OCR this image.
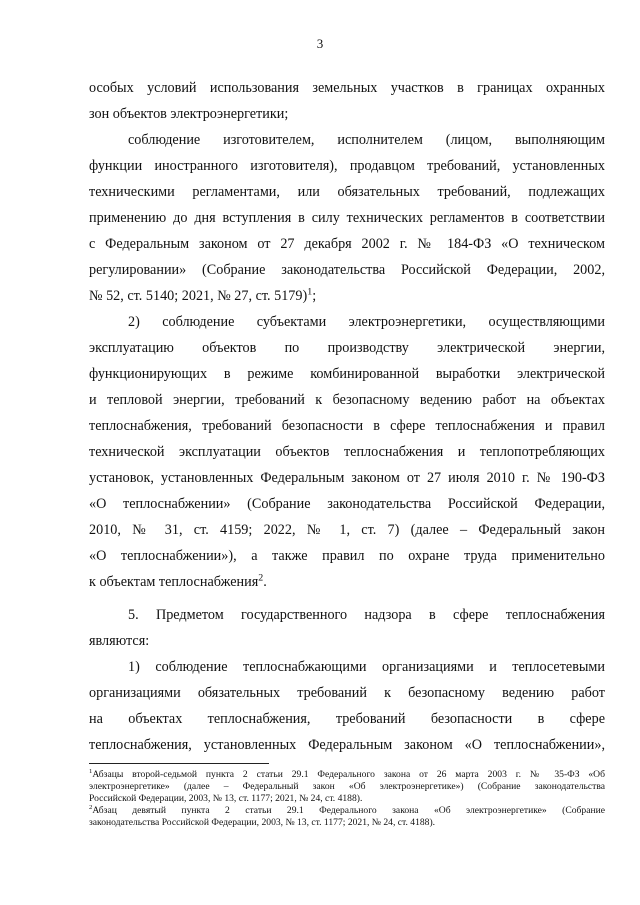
3
особых условий использования земельных участков в границах охранных
зон объектов электроэнергетики;
соблюдение изготовителем, исполнителем (лицом, выполняющим
функции иностранного изготовителя), продавцом требований, установленных
техническими регламентами, или обязательных требований, подлежащих
применению до дня вступления в силу технических регламентов в соответствии
с Федеральным законом от 27 декабря 2002 г. № 184-ФЗ «О техническом
регулировании» (Собрание законодательства Российской Федерации, 2002,
№ 52, ст. 5140; 2021, № 27, ст. 5179)$^1$;
2) соблюдение субъектами электроэнергетики, осуществляющими
эксплуатацию объектов по производству электрической энергии,
функционирующих в режиме комбинированной выработки электрической
и тепловой энергии, требований к безопасному ведению работ на объектах
теплоснабжения, требований безопасности в сфере теплоснабжения и правил
технической эксплуатации объектов теплоснабжения и теплопотребляющих
установок, установленных Федеральным законом от 27 июля 2010 г. № 190-ФЗ
«О теплоснабжении» (Собрание законодательства Российской Федерации,
2010, № 31, ст. 4159; 2022, № 1, ст. 7) (далее – Федеральный закон
«О теплоснабжении»), а также правил по охране труда применительно
к объектам теплоснабжения$^2$.
5. Предметом государственного надзора в сфере теплоснабжения
являются:
1) соблюдение теплоснабжающими организациями и теплосетевыми
организациями обязательных требований к безопасному ведению работ
на объектах теплоснабжения, требований безопасности в сфере
теплоснабжения, установленных Федеральным законом «О теплоснабжении»,
$^1$Абзацы второй-седьмой пункта 2 статьи 29.1 Федерального закона от 26 марта 2003 г. № 35-ФЗ «Об
электроэнергетике» (далее – Федеральный закон «Об электроэнергетике») (Собрание законодательства
Российской Федерации, 2003, № 13, ст. 1177; 2021, № 24, ст. 4188).
$^2$Абзац девятый пункта 2 статьи 29.1 Федерального закона «Об электроэнергетике» (Собрание
законодательства Российской Федерации, 2003, № 13, ст. 1177; 2021, № 24, ст. 4188).
